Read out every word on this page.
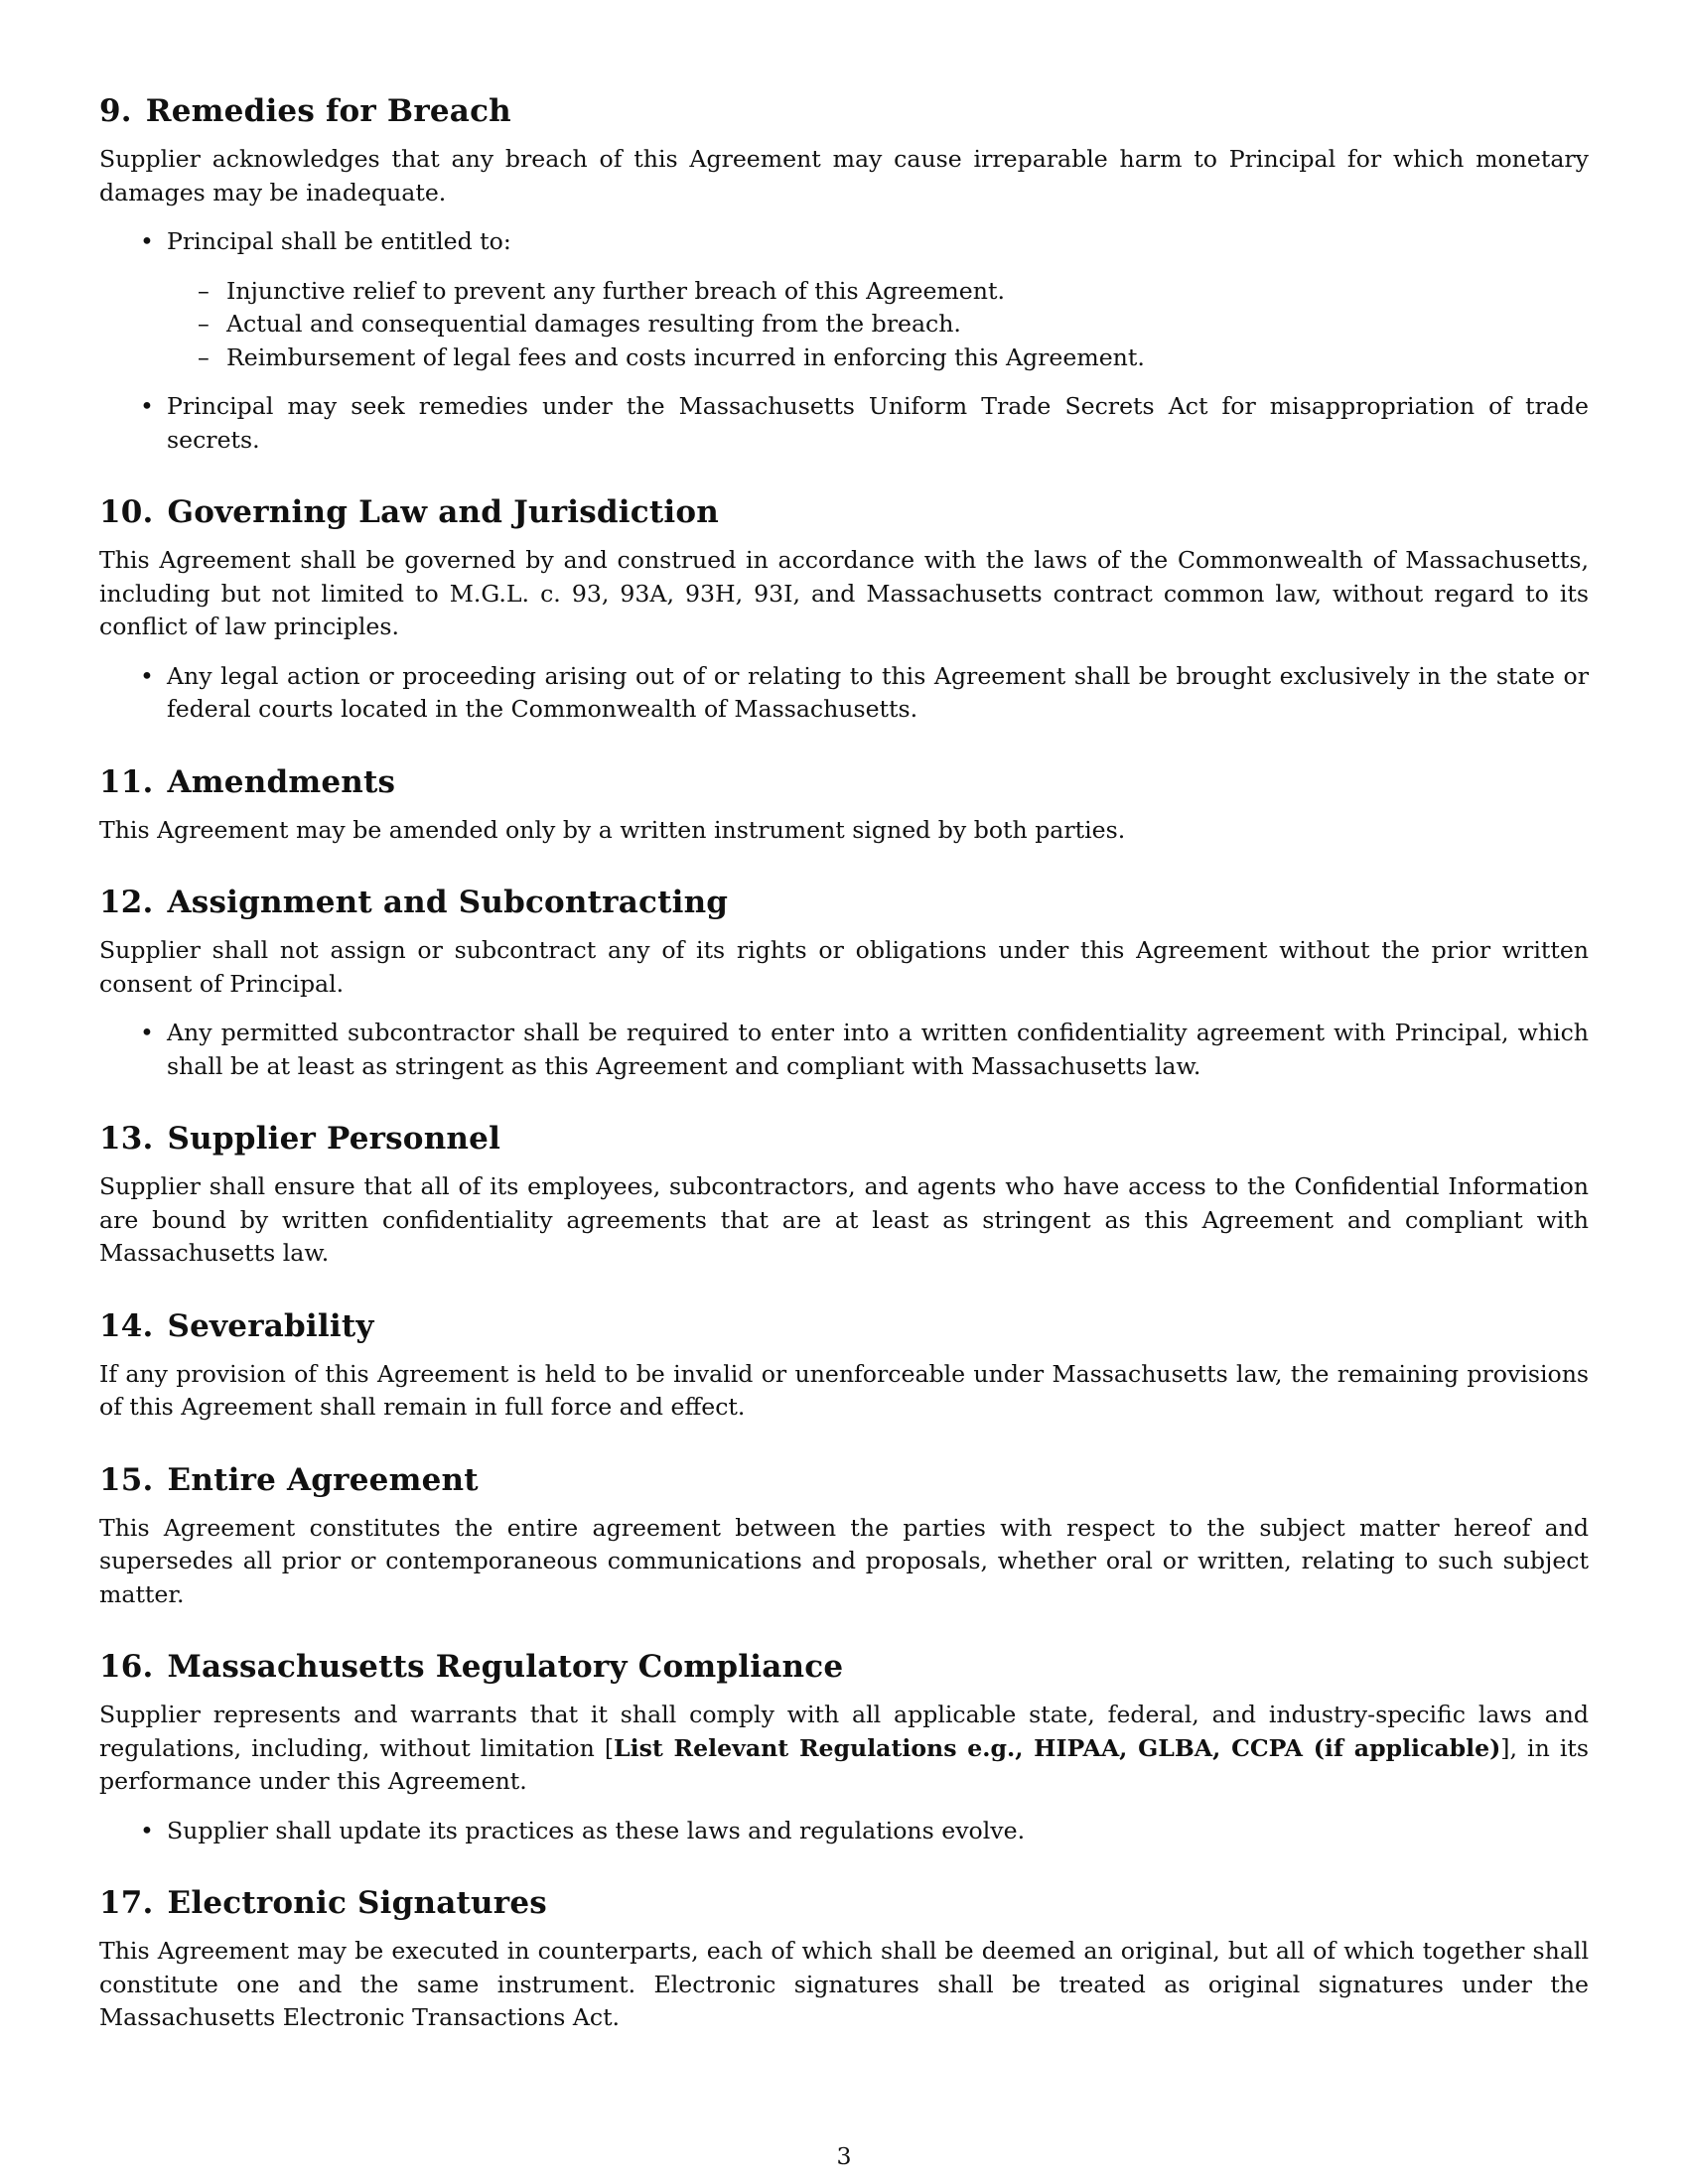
9. Remedies for Breach

Supplier acknowledges that any breach of this Agreement may cause irreparable harm to Principal for which monetary damages may be inadequate.

• Principal shall be entitled to:
– Injunctive relief to prevent any further breach of this Agreement.
– Actual and consequential damages resulting from the breach.
– Reimbursement of legal fees and costs incurred in enforcing this Agreement.
• Principal may seek remedies under the Massachusetts Uniform Trade Secrets Act for misappropriation of trade secrets.
10. Governing Law and Jurisdiction

This Agreement shall be governed by and construed in accordance with the laws of the Commonwealth of Massachusetts, including but not limited to M.G.L. c. 93, 93A, 93H, 93I, and Massachusetts contract common law, without regard to its conflict of law principles.

• Any legal action or proceeding arising out of or relating to this Agreement shall be brought exclusively in the state or federal courts located in the Commonwealth of Massachusetts.
11. Amendments

This Agreement may be amended only by a written instrument signed by both parties.

12. Assignment and Subcontracting

Supplier shall not assign or subcontract any of its rights or obligations under this Agreement without the prior written consent of Principal.

• Any permitted subcontractor shall be required to enter into a written confidentiality agreement with Principal, which shall be at least as stringent as this Agreement and compliant with Massachusetts law.
13. Supplier Personnel

Supplier shall ensure that all of its employees, subcontractors, and agents who have access to the Confidential Information are bound by written confidentiality agreements that are at least as stringent as this Agreement and compliant with Massachusetts law.

14. Severability

If any provision of this Agreement is held to be invalid or unenforceable under Massachusetts law, the remaining provisions of this Agreement shall remain in full force and effect.

15. Entire Agreement

This Agreement constitutes the entire agreement between the parties with respect to the subject matter hereof and supersedes all prior or contemporaneous communications and proposals, whether oral or written, relating to such subject matter.

16. Massachusetts Regulatory Compliance

Supplier represents and warrants that it shall comply with all applicable state, federal, and industry-specific laws and regulations, including, without limitation [List Relevant Regulations e.g., HIPAA, GLBA, CCPA (if applicable)], in its performance under this Agreement.

• Supplier shall update its practices as these laws and regulations evolve.
17. Electronic Signatures

This Agreement may be executed in counterparts, each of which shall be deemed an original, but all of which together shall constitute one and the same instrument. Electronic signatures shall be treated as original signatures under the Massachusetts Electronic Transactions Act.

3
